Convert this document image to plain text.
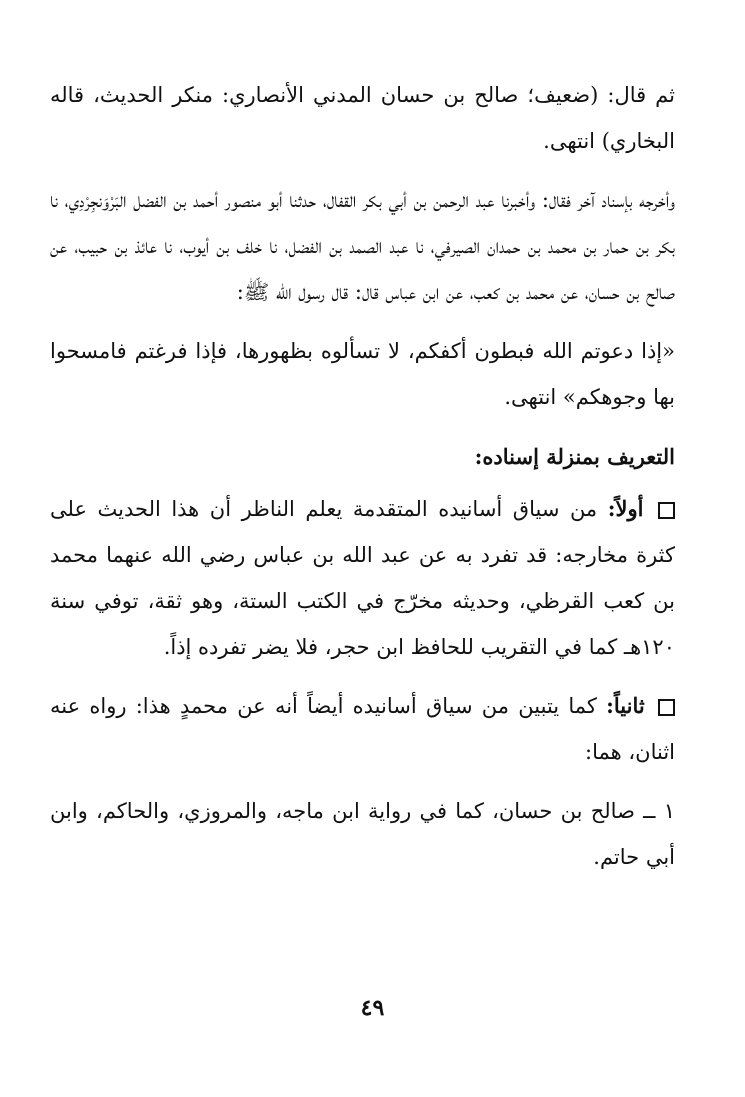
ثم قال: (ضعيف؛ صالح بن حسان المدني الأنصاري: منكر الحديث، قاله البخاري) انتهى.

وأخرجه بإسناد آخر فقال: وأخبرنا عبد الرحمن بن أبي بكر القفال، حدثنا أبو منصور أحمد بن الفضل البَرْوَنجِرْدِي، نا بكر بن حمار بن محمد بن حمدان الصيرفي، نا عبد الصمد بن الفضل، نا خلف بن أيوب، نا عائذ بن حبيب، عن صالح بن حسان، عن محمد بن كعب، عن ابن عباس قال: قال رسول الله ﷺ:

«إذا دعوتم الله فبطون أكفكم، لا تسألوه بظهورها، فإذا فرغتم فامسحوا بها وجوهكم» انتهى.

التعريف بمنزلة إسناده:

أولاً: من سياق أسانيده المتقدمة يعلم الناظر أن هذا الحديث على كثرة مخارجه: قد تفرد به عن عبد الله بن عباس رضي الله عنهما محمد بن كعب القرظي، وحديثه مخرّج في الكتب الستة، وهو ثقة، توفي سنة ١٢٠هـ كما في التقريب للحافظ ابن حجر، فلا يضر تفرده إذاً.

ثانياً: كما يتبين من سياق أسانيده أيضاً أنه عن محمدٍ هذا: رواه عنه اثنان، هما:

١ ــ صالح بن حسان، كما في رواية ابن ماجه، والمروزي، والحاكم، وابن أبي حاتم.

٤٩
